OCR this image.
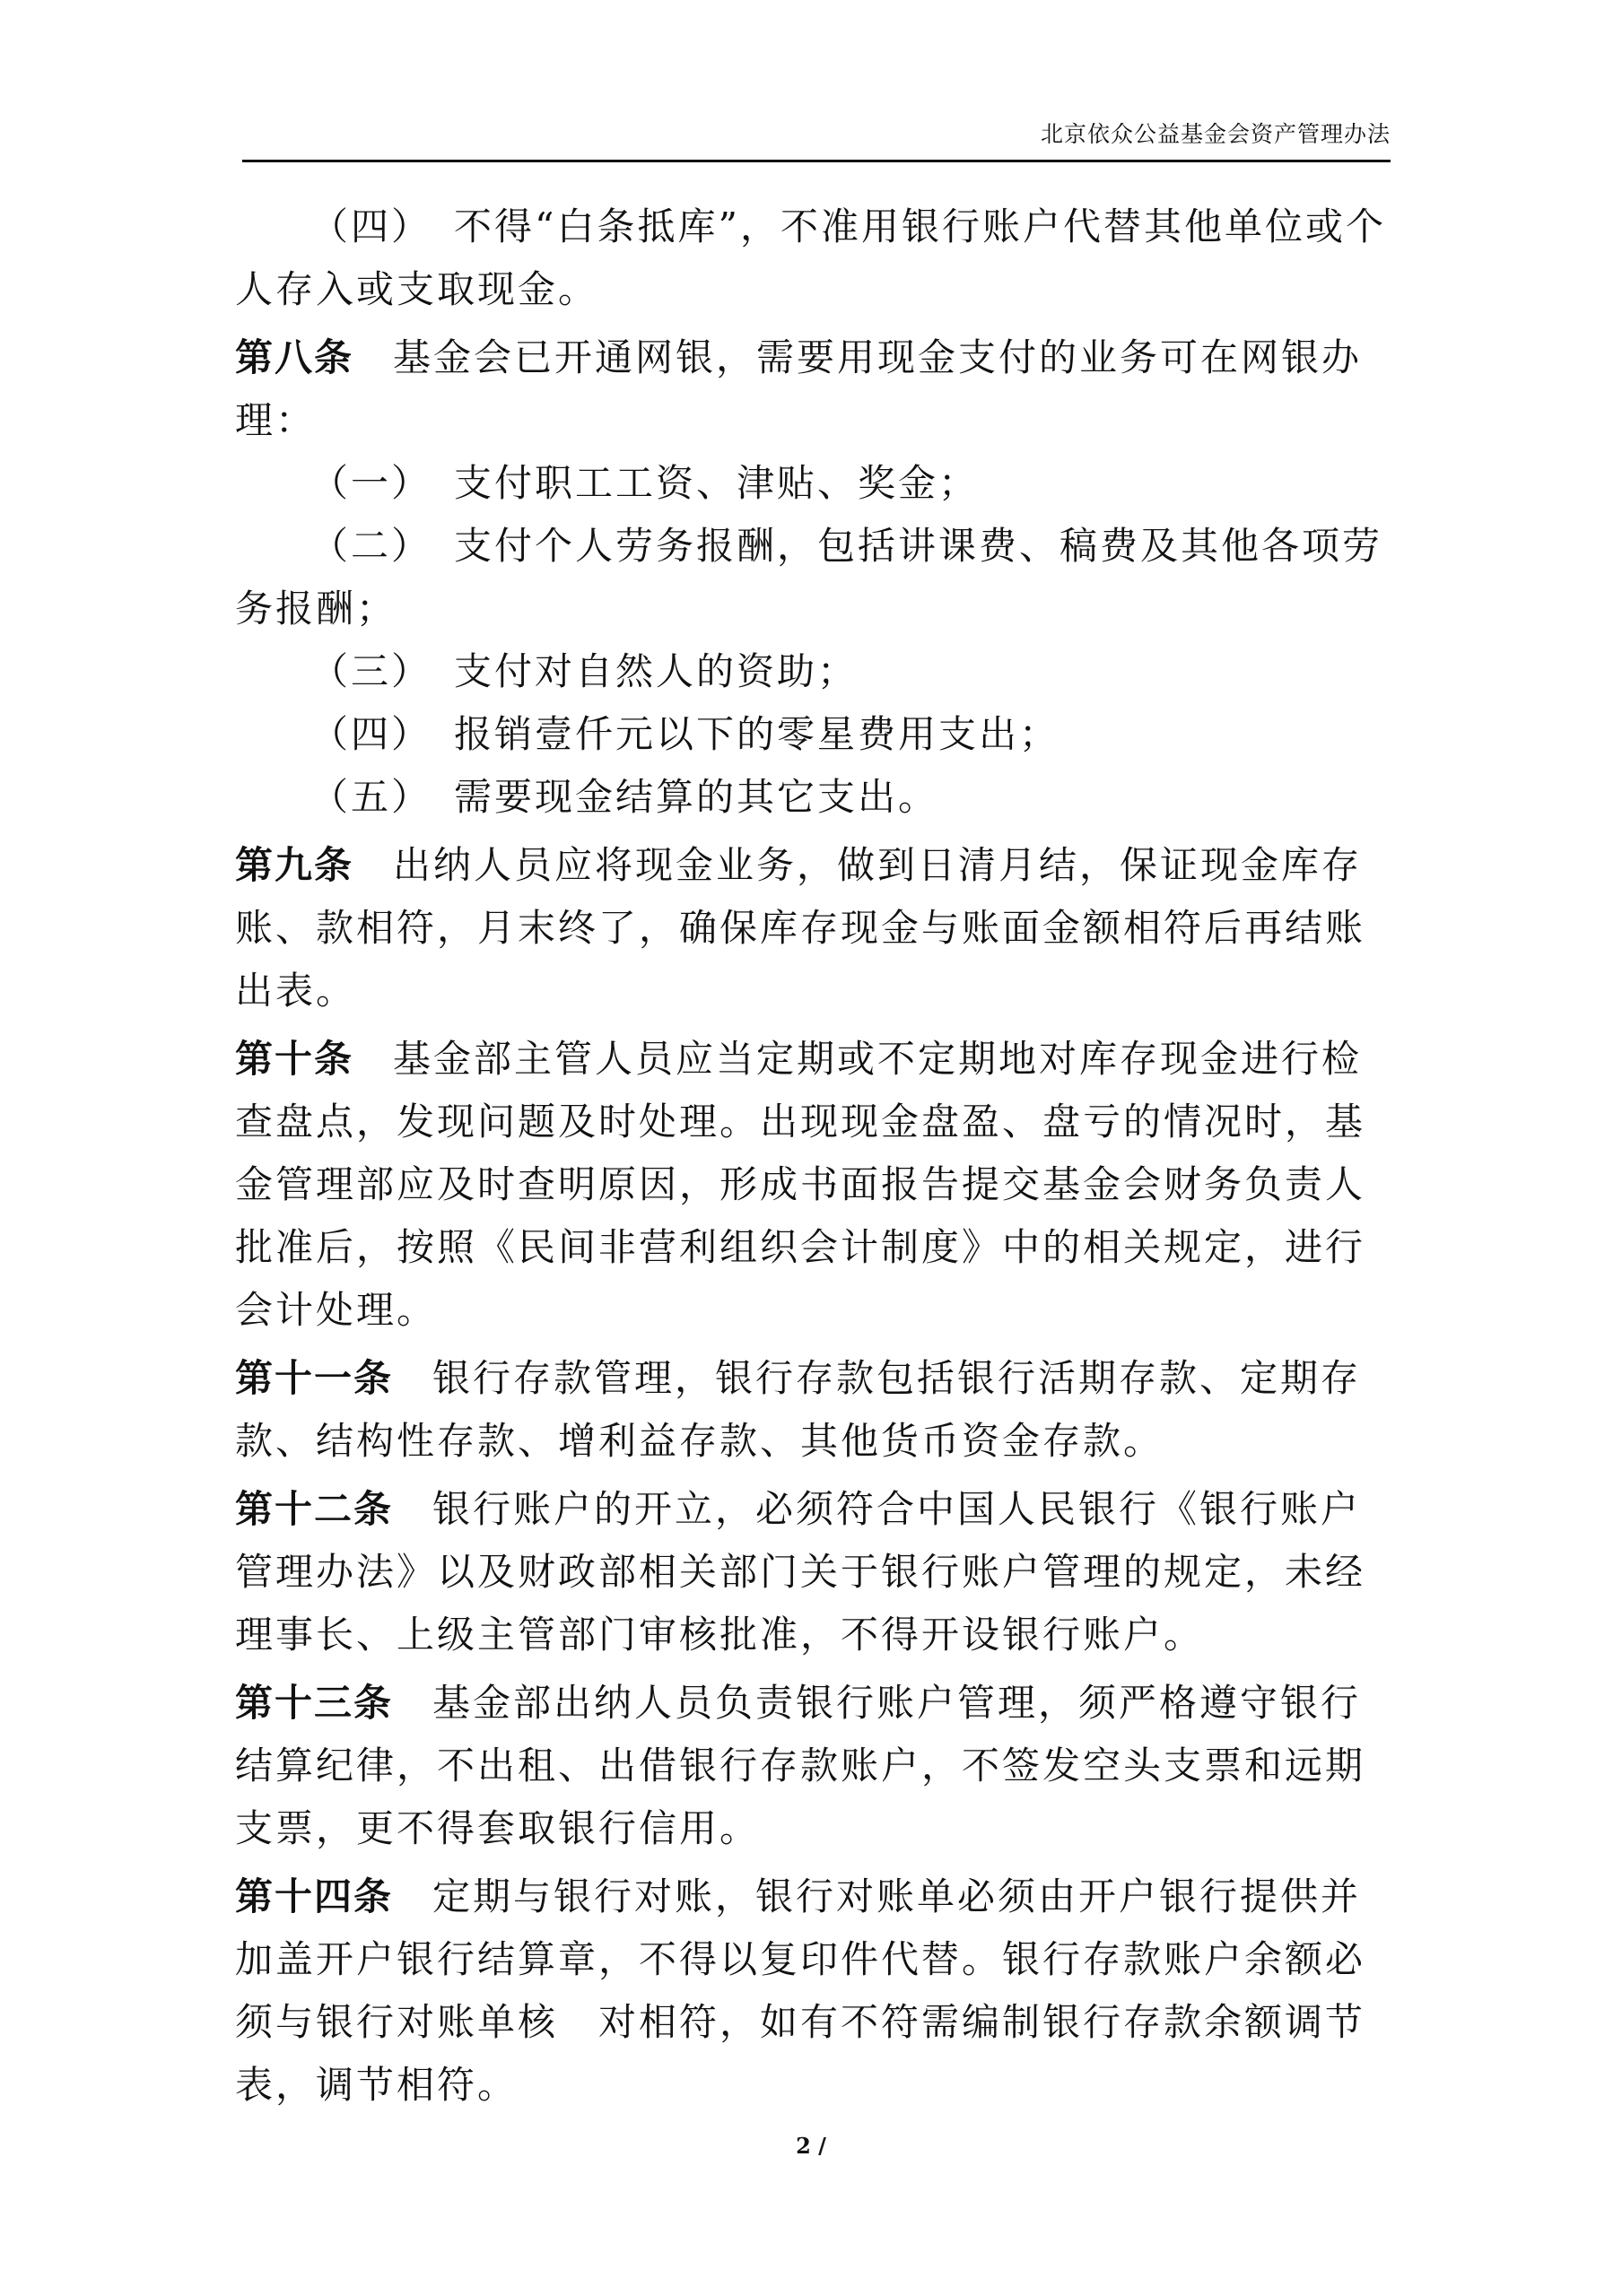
北京依众公益基金会资产管理办法

（四） 不得“白条抵库”，不准用银行账户代替其他单位或个人存入或支取现金。

第八条 基金会已开通网银，需要用现金支付的业务可在网银办理：

（一） 支付职工工资、津贴、奖金；

（二） 支付个人劳务报酬，包括讲课费、稿费及其他各项劳务报酬；

（三） 支付对自然人的资助；

（四） 报销壹仟元以下的零星费用支出；

（五） 需要现金结算的其它支出。

第九条 出纳人员应将现金业务，做到日清月结，保证现金库存账、款相符，月末终了，确保库存现金与账面金额相符后再结账出表。

第十条 基金部主管人员应当定期或不定期地对库存现金进行检查盘点，发现问题及时处理。出现现金盘盈、盘亏的情况时，基金管理部应及时查明原因，形成书面报告提交基金会财务负责人批准后，按照《民间非营利组织会计制度》中的相关规定，进行会计处理。

第十一条 银行存款管理，银行存款包括银行活期存款、定期存款、结构性存款、增利益存款、其他货币资金存款。

第十二条 银行账户的开立，必须符合中国人民银行《银行账户管理办法》以及财政部相关部门关于银行账户管理的规定，未经理事长、上级主管部门审核批准，不得开设银行账户。

第十三条 基金部出纳人员负责银行账户管理，须严格遵守银行结算纪律，不出租、出借银行存款账户，不签发空头支票和远期支票，更不得套取银行信用。

第十四条 定期与银行对账，银行对账单必须由开户银行提供并加盖开户银行结算章，不得以复印件代替。银行存款账户余额必须与银行对账单核　对相符，如有不符需编制银行存款余额调节表，调节相符。

2 /
